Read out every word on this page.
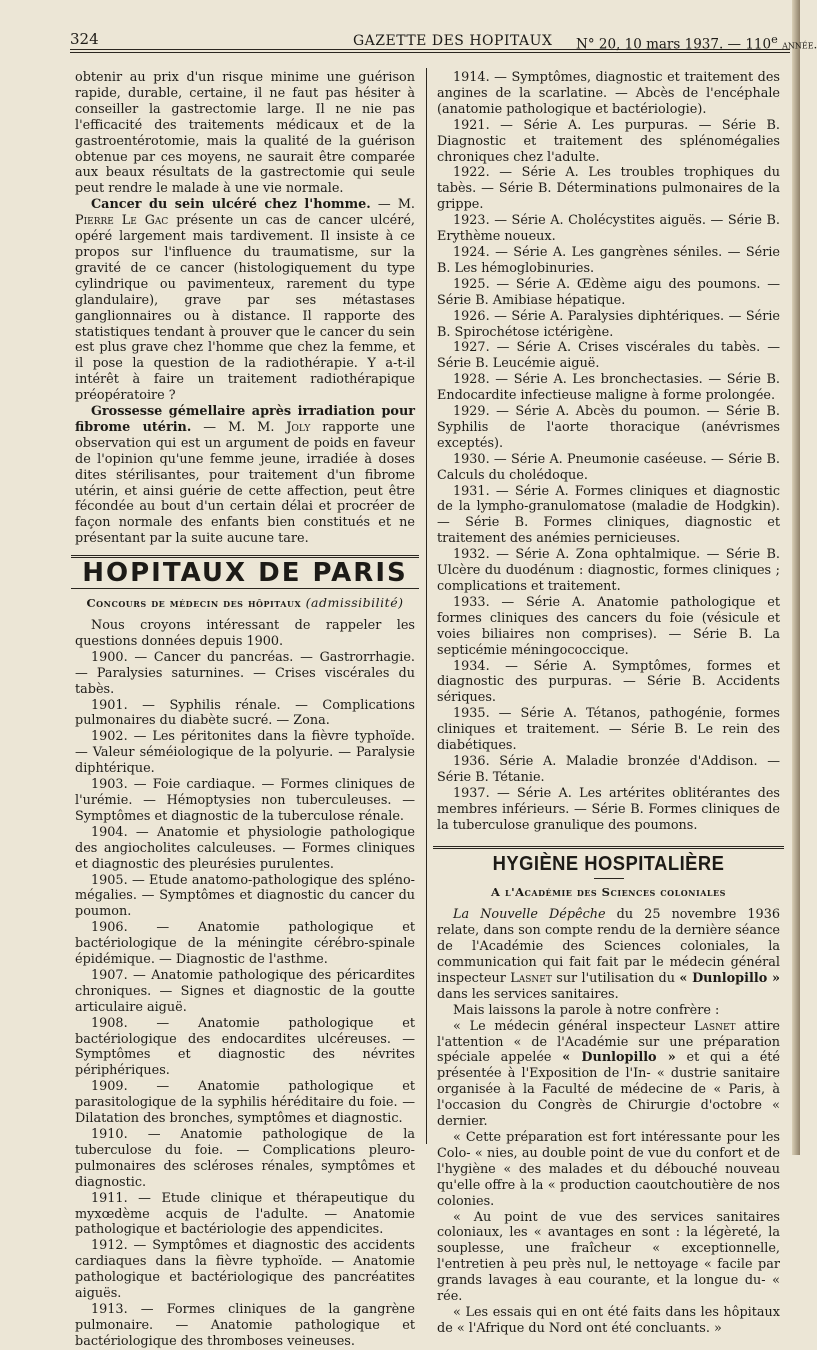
324	GAZETTE DES HOPITAUX N° 20, 10 mars 1937. — 110e année.

obtenir au prix d'un risque minime une guérison rapide, durable, certaine, il ne faut pas hésiter à conseiller la gastrectomie large. Il ne nie pas l'efficacité des traitements médicaux et de la gastroentérotomie, mais la qualité de la guérison obtenue par ces moyens, ne saurait être comparée aux beaux résultats de la gastrectomie qui seule peut rendre le malade à une vie normale.

Cancer du sein ulcéré chez l'homme. — M. Pierre Le Gac présente un cas de cancer ulcéré, opéré largement mais tardivement. Il insiste à ce propos sur l'influence du traumatisme, sur la gravité de ce cancer (histologiquement du type cylindrique ou pavimenteux, rarement du type glandulaire), grave par ses métastases ganglionnaires ou à distance. Il rapporte des statistiques tendant à prouver que le cancer du sein est plus grave chez l'homme que chez la femme, et il pose la question de la radiothérapie. Y a-t-il intérêt à faire un traitement radiothérapique préopératoire ?

Grossesse gémellaire après irradiation pour fibrome utérin. — M. M. Joly rapporte une observation qui est un argument de poids en faveur de l'opinion qu'une femme jeune, irradiée à doses dites stérilisantes, pour traitement d'un fibrome utérin, et ainsi guérie de cette affection, peut être fécondée au bout d'un certain délai et procréer de façon normale des enfants bien constitués et ne présentant par la suite aucune tare.

HOPITAUX DE PARIS
Concours de médecin des hôpitaux (admissibilité)

Nous croyons intéressant de rappeler les questions données depuis 1900.

1900. — Cancer du pancréas. — Gastrorrhagie. — Paralysies saturnines. — Crises viscérales du tabès.

1901. — Syphilis rénale. — Complications pulmonaires du diabète sucré. — Zona.

1902. — Les péritonites dans la fièvre typhoïde. — Valeur séméiologique de la polyurie. — Paralysie diphtérique.

1903. — Foie cardiaque. — Formes cliniques de l'urémie. — Hémoptysies non tuberculeuses. — Symptômes et diagnostic de la tuberculose rénale.

1904. — Anatomie et physiologie pathologique des angiocholites calculeuses. — Formes cliniques et diagnostic des pleurésies purulentes.

1905. — Etude anatomo-pathologique des spléno-mégalies. — Symptômes et diagnostic du cancer du poumon.

1906. — Anatomie pathologique et bactériologique de la méningite cérébro-spinale épidémique. — Diagnostic de l'asthme.

1907. — Anatomie pathologique des péricardites chroniques. — Signes et diagnostic de la goutte articulaire aiguë.

1908. — Anatomie pathologique et bactériologique des endocardites ulcéreuses. — Symptômes et diagnostic des névrites périphériques.

1909. — Anatomie pathologique et parasitologique de la syphilis héréditaire du foie. — Dilatation des bronches, symptômes et diagnostic.

1910. — Anatomie pathologique de la tuberculose du foie. — Complications pleuro-pulmonaires des scléroses rénales, symptômes et diagnostic.

1911. — Etude clinique et thérapeutique du myxœdème acquis de l'adulte. — Anatomie pathologique et bactériologie des appendicites.

1912. — Symptômes et diagnostic des accidents cardiaques dans la fièvre typhoïde. — Anatomie pathologique et bactériologique des pancréatites aiguës.

1913. — Formes cliniques de la gangrène pulmonaire. — Anatomie pathologique et bactériologique des thromboses veineuses.

1914. — Symptômes, diagnostic et traitement des angines de la scarlatine. — Abcès de l'encéphale (anatomie pathologique et bactériologie).

1921. — Série A. Les purpuras. — Série B. Diagnostic et traitement des splénomégalies chroniques chez l'adulte.

1922. — Série A. Les troubles trophiques du tabès. — Série B. Déterminations pulmonaires de la grippe.

1923. — Série A. Cholécystites aiguës. — Série B. Erythème noueux.

1924. — Série A. Les gangrènes séniles. — Série B. Les hémoglobinuries.

1925. — Série A. Œdème aigu des poumons. — Série B. Amibiase hépatique.

1926. — Série A. Paralysies diphtériques. — Série B. Spirochétose ictérigène.

1927. — Série A. Crises viscérales du tabès. — Série B. Leucémie aiguë.

1928. — Série A. Les bronchectasies. — Série B. Endocardite infectieuse maligne à forme prolongée.

1929. — Série A. Abcès du poumon. — Série B. Syphilis de l'aorte thoracique (anévrismes exceptés).

1930. — Série A. Pneumonie caséeuse. — Série B. Calculs du cholédoque.

1931. — Série A. Formes cliniques et diagnostic de la lympho-granulomatose (maladie de Hodgkin). — Série B. Formes cliniques, diagnostic et traitement des anémies pernicieuses.

1932. — Série A. Zona ophtalmique. — Série B. Ulcère du duodénum : diagnostic, formes cliniques ; complications et traitement.

1933. — Série A. Anatomie pathologique et formes cliniques des cancers du foie (vésicule et voies biliaires non comprises). — Série B. La septicémie méningococcique.

1934. — Série A. Symptômes, formes et diagnostic des purpuras. — Série B. Accidents sériques.

1935. — Série A. Tétanos, pathogénie, formes cliniques et traitement. — Série B. Le rein des diabétiques.

1936. Série A. Maladie bronzée d'Addison. — Série B. Tétanie.

1937. — Série A. Les artérites oblitérantes des membres inférieurs. — Série B. Formes cliniques de la tuberculose granulique des poumons.

HYGIÈNE HOSPITALIÈRE
A l'Académie des Sciences coloniales

La Nouvelle Dépêche du 25 novembre 1936 relate, dans son compte rendu de la dernière séance de l'Académie des Sciences coloniales, la communication qui fait fait par le médecin général inspecteur Lasnet sur l'utilisation du « Dunlopillo » dans les services sanitaires.

Mais laissons la parole à notre confrère :

« Le médecin général inspecteur Lasnet attire l'attention « de l'Académie sur une préparation spéciale appelée « Dunlopillo » et qui a été présentée à l'Exposition de l'In- « dustrie sanitaire organisée à la Faculté de médecine de « Paris, à l'occasion du Congrès de Chirurgie d'octobre « dernier.

« Cette préparation est fort intéressante pour les Colo- « nies, au double point de vue du confort et de l'hygiène « des malades et du débouché nouveau qu'elle offre à la « production caoutchoutière de nos colonies.

« Au point de vue des services sanitaires coloniaux, les « avantages en sont : la légèreté, la souplesse, une fraîcheur « exceptionnelle, l'entretien à peu près nul, le nettoyage « facile par grands lavages à eau courante, et la longue du- « rée.

« Les essais qui en ont été faits dans les hôpitaux de « l'Afrique du Nord ont été concluants. »
